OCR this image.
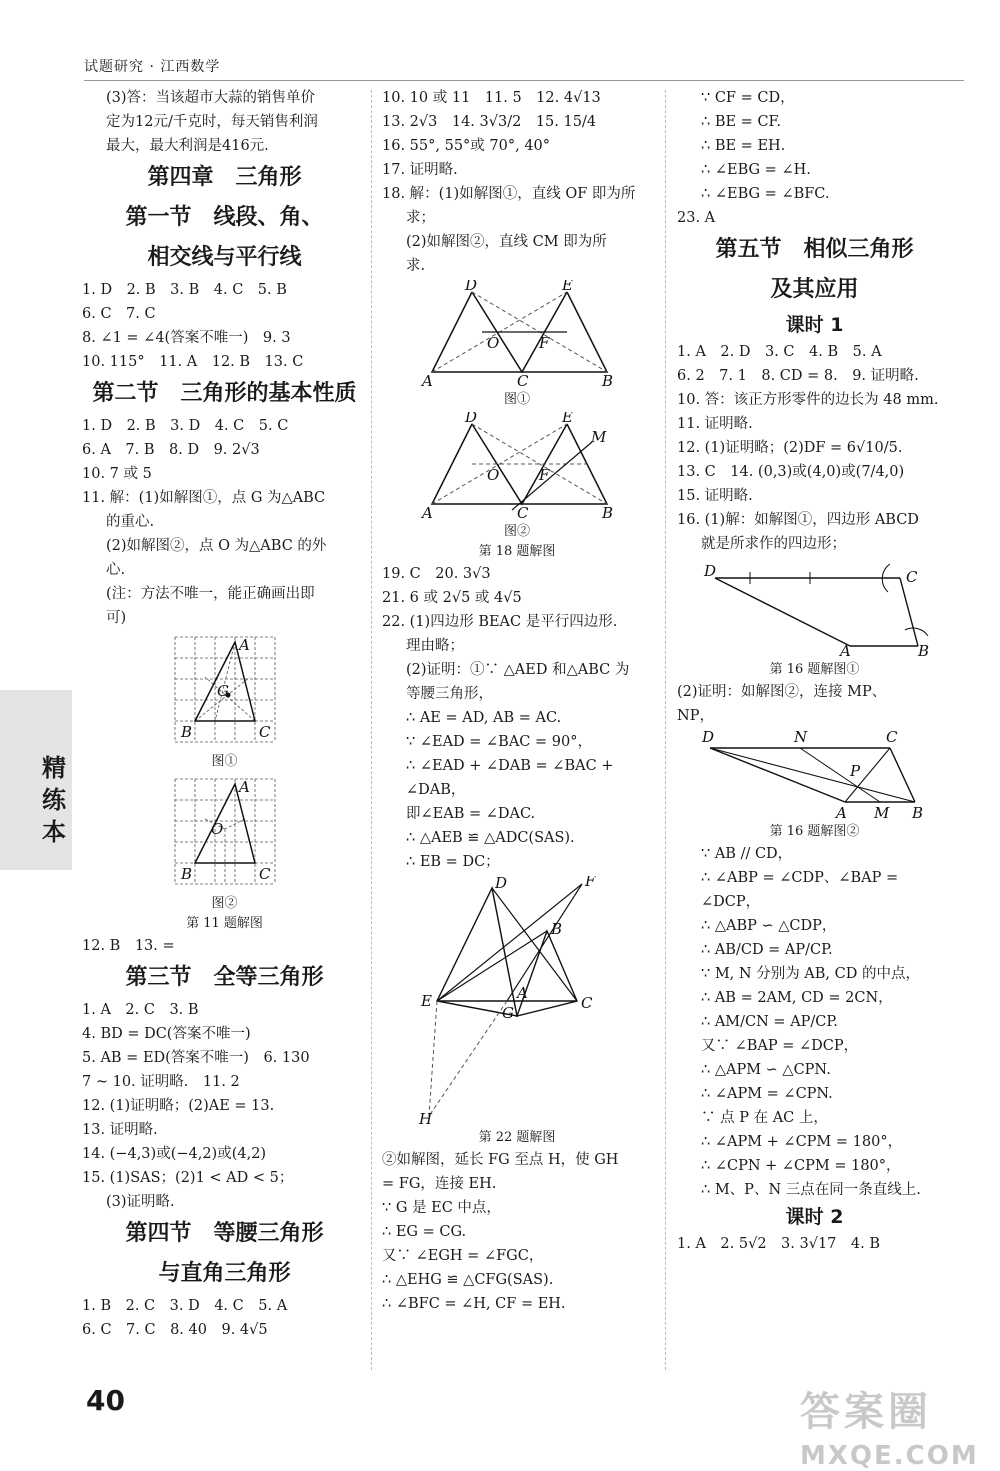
试题研究 · 江西数学
精
练
本
(3)答：当该超市大蒜的销售单价
定为12元/千克时，每天销售利润
最大，最大利润是416元.
第四章　三角形
第一节　线段、角、
相交线与平行线
1. D　2. B　3. B　4. C　5. B
6. C　7. C
8. ∠1 = ∠4(答案不唯一)　9. 3
10. 115°　11. A　12. B　13. C
第二节　三角形的基本性质
1. D　2. B　3. D　4. C　5. C
6. A　7. B　8. D　9. 2√3
10. 7 或 5
11. 解：(1)如解图①，点 G 为△ABC
的重心.
(2)如解图②，点 O 为△ABC 的外
心.
(注：方法不唯一，能正确画出即
可)
A
G
B	C
图①
A
O
B	C
图②
第 11 题解图
12. B　13. =
第三节　全等三角形
1. A　2. C　3. B
4. BD = DC(答案不唯一)
5. AB = ED(答案不唯一)　6. 130
7 ~ 10. 证明略.　11. 2
12. (1)证明略；(2)AE = 13.
13. 证明略.
14. (−4,3)或(−4,2)或(4,2)
15. (1)SAS；(2)1 < AD < 5；
(3)证明略.
第四节　等腰三角形
与直角三角形
1. B　2. C　3. D　4. C　5. A
6. C　7. C　8. 40　9. 4√5
10. 10 或 11　11. 5　12. 4√13
13. 2√3　14. 3√3/2　15. 15/4
16. 55°, 55°或 70°, 40°
17. 证明略.
18. 解：(1)如解图①，直线 OF 即为所
求；
(2)如解图②，直线 CM 即为所
求.
D	E
O	F
A	C	B
图①
D	E
M
O	F
A	C	B
图②
第 18 题解图
19. C　20. 3√3
21. 6 或 2√5 或 4√5
22. (1)四边形 BEAC 是平行四边形.
理由略；
(2)证明：①∵ △AED 和△ABC 为
等腰三角形，
∴ AE = AD, AB = AC.
∵ ∠EAD = ∠BAC = 90°，
∴ ∠EAD + ∠DAB = ∠BAC +
∠DAB，
即∠EAB = ∠DAC.
∴ △AEB ≌ △ADC(SAS).
∴ EB = DC；
D	F
B
E	A
C
G
H
第 22 题解图
②如解图，延长 FG 至点 H，使 GH
= FG，连接 EH.
∵ G 是 EC 中点，
∴ EG = CG.
又∵ ∠EGH = ∠FGC，
∴ △EHG ≌ △CFG(SAS).
∴ ∠BFC = ∠H, CF = EH.
∵ CF = CD，
∴ BE = CF.
∴ BE = EH.
∴ ∠EBG = ∠H.
∴ ∠EBG = ∠BFC.
23. A
第五节　相似三角形
及其应用
课时 1
1. A　2. D　3. C　4. B　5. A
6. 2　7. 1　8. CD = 8.　9. 证明略.
10. 答：该正方形零件的边长为 48 mm.
11. 证明略.
12. (1)证明略；(2)DF = 6√10/5.
13. C　14. (0,3)或(4,0)或(7/4,0)
15. 证明略.
16. (1)解：如解图①，四边形 ABCD
就是所求作的四边形；
D	C
A	B
第 16 题解图①
(2)证明：如解图②，连接 MP、
NP，
D	N	C
P
A M B
第 16 题解图②
∵ AB // CD，
∴ ∠ABP = ∠CDP、∠BAP =
∠DCP，
∴ △ABP ∽ △CDP，
∴ AB/CD = AP/CP.
∵ M, N 分别为 AB, CD 的中点，
∴ AB = 2AM, CD = 2CN，
∴ AM/CN = AP/CP.
又∵ ∠BAP = ∠DCP，
∴ △APM ∽ △CPN.
∴ ∠APM = ∠CPN.
∵ 点 P 在 AC 上，
∴ ∠APM + ∠CPM = 180°，
∴ ∠CPN + ∠CPM = 180°，
∴ M、P、N 三点在同一条直线上.
课时 2
1. A　2. 5√2　3. 3√17　4. B
40	答案圈
MXQE.COM
